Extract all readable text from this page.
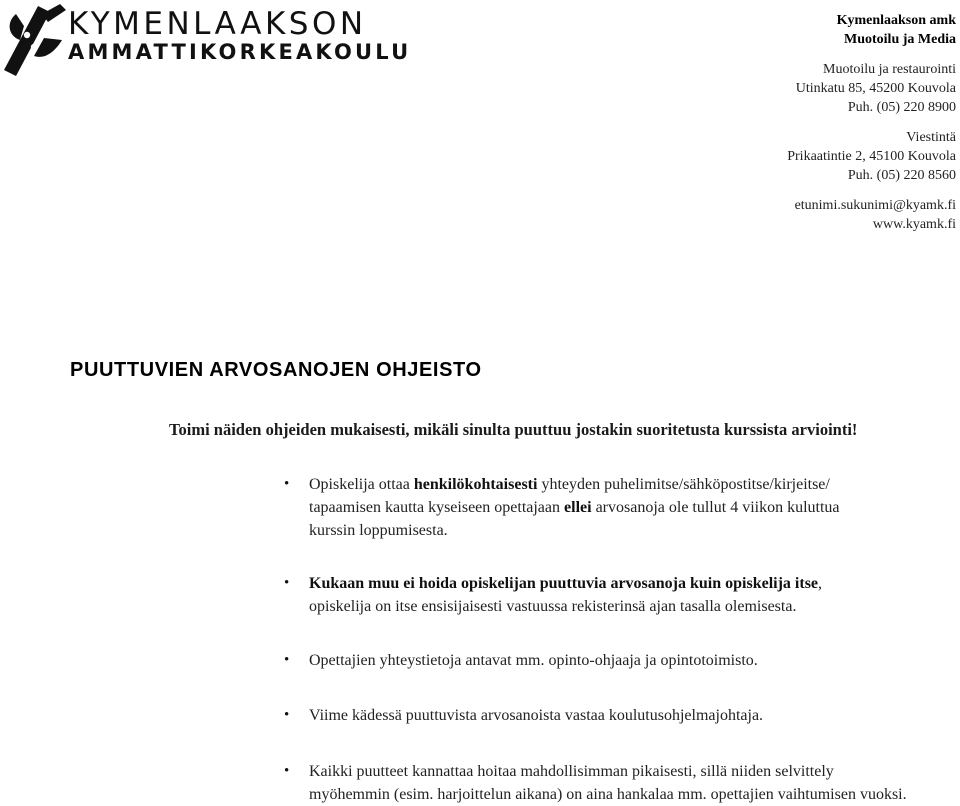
KYMENLAAKSON

AMMATTIKORKEAKOULU

Kymenlaakson amk
Muotoilu ja Media
Muotoilu ja restaurointi
Utinkatu 85, 45200 Kouvola
Puh. (05) 220 8900
Viestintä
Prikaatintie 2, 45100 Kouvola
Puh. (05) 220 8560
etunimi.sukunimi@kyamk.fi
www.kyamk.fi
PUUTTUVIEN ARVOSANOJEN OHJEISTO

Toimi näiden ohjeiden mukaisesti, mikäli sinulta puuttuu jostakin suoritetusta kurssista arviointi!

• Opiskelija ottaa henkilökohtaisesti yhteyden puhelimitse/sähköpostitse/kirjeitse/
tapaamisen kautta kyseiseen opettajaan ellei arvosanoja ole tullut 4 viikon kuluttua
kurssin loppumisesta.
• Kukaan muu ei hoida opiskelijan puuttuvia arvosanoja kuin opiskelija itse,
opiskelija on itse ensisijaisesti vastuussa rekisterinsä ajan tasalla olemisesta.
• Opettajien yhteystietoja antavat mm. opinto-ohjaaja ja opintotoimisto.
• Viime kädessä puuttuvista arvosanoista vastaa koulutusohjelmajohtaja.
• Kaikki puutteet kannattaa hoitaa mahdollisimman pikaisesti, sillä niiden selvittely
myöhemmin (esim. harjoittelun aikana) on aina hankalaa mm. opettajien vaihtumisen vuoksi.
